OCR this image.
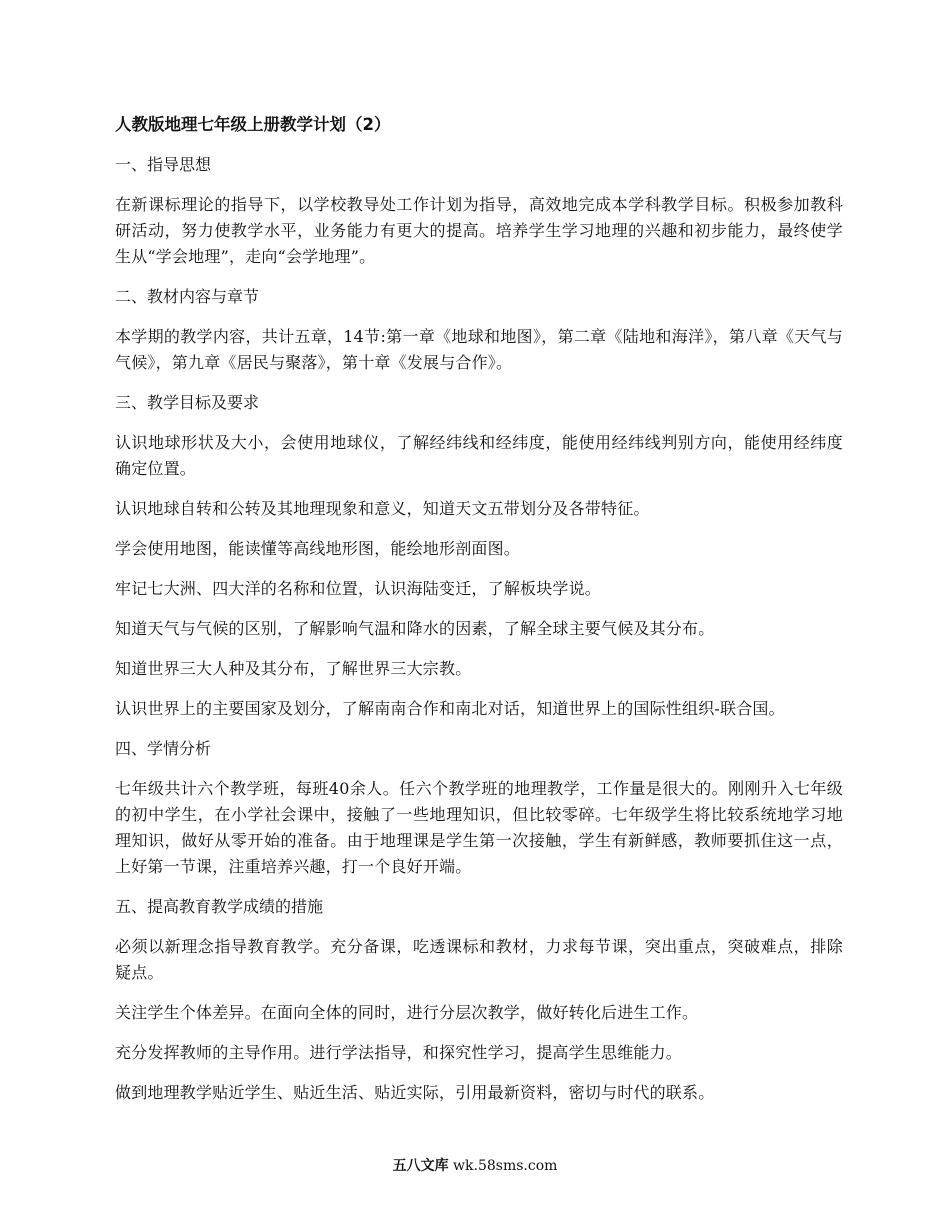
人教版地理七年级上册教学计划（2）
一、指导思想
在新课标理论的指导下，以学校教导处工作计划为指导，高效地完成本学科教学目标。积极参加教科研活动，努力使教学水平，业务能力有更大的提高。培养学生学习地理的兴趣和初步能力，最终使学生从“学会地理”，走向“会学地理”。
二、教材内容与章节
本学期的教学内容，共计五章，14节:第一章《地球和地图》，第二章《陆地和海洋》，第八章《天气与气候》，第九章《居民与聚落》，第十章《发展与合作》。
三、教学目标及要求
认识地球形状及大小，会使用地球仪，了解经纬线和经纬度，能使用经纬线判别方向，能使用经纬度确定位置。
认识地球自转和公转及其地理现象和意义，知道天文五带划分及各带特征。
学会使用地图，能读懂等高线地形图，能绘地形剖面图。
牢记七大洲、四大洋的名称和位置，认识海陆变迁，了解板块学说。
知道天气与气候的区别，了解影响气温和降水的因素，了解全球主要气候及其分布。
知道世界三大人种及其分布，了解世界三大宗教。
认识世界上的主要国家及划分，了解南南合作和南北对话，知道世界上的国际性组织-联合国。
四、学情分析
七年级共计六个教学班，每班40余人。任六个教学班的地理教学，工作量是很大的。刚刚升入七年级的初中学生，在小学社会课中，接触了一些地理知识，但比较零碎。七年级学生将比较系统地学习地理知识，做好从零开始的准备。由于地理课是学生第一次接触，学生有新鲜感，教师要抓住这一点，上好第一节课，注重培养兴趣，打一个良好开端。
五、提高教育教学成绩的措施
必须以新理念指导教育教学。充分备课，吃透课标和教材，力求每节课，突出重点，突破难点，排除疑点。
关注学生个体差异。在面向全体的同时，进行分层次教学，做好转化后进生工作。
充分发挥教师的主导作用。进行学法指导，和探究性学习，提高学生思维能力。
做到地理教学贴近学生、贴近生活、贴近实际，引用最新资料，密切与时代的联系。
五八文库 wk.58sms.com
